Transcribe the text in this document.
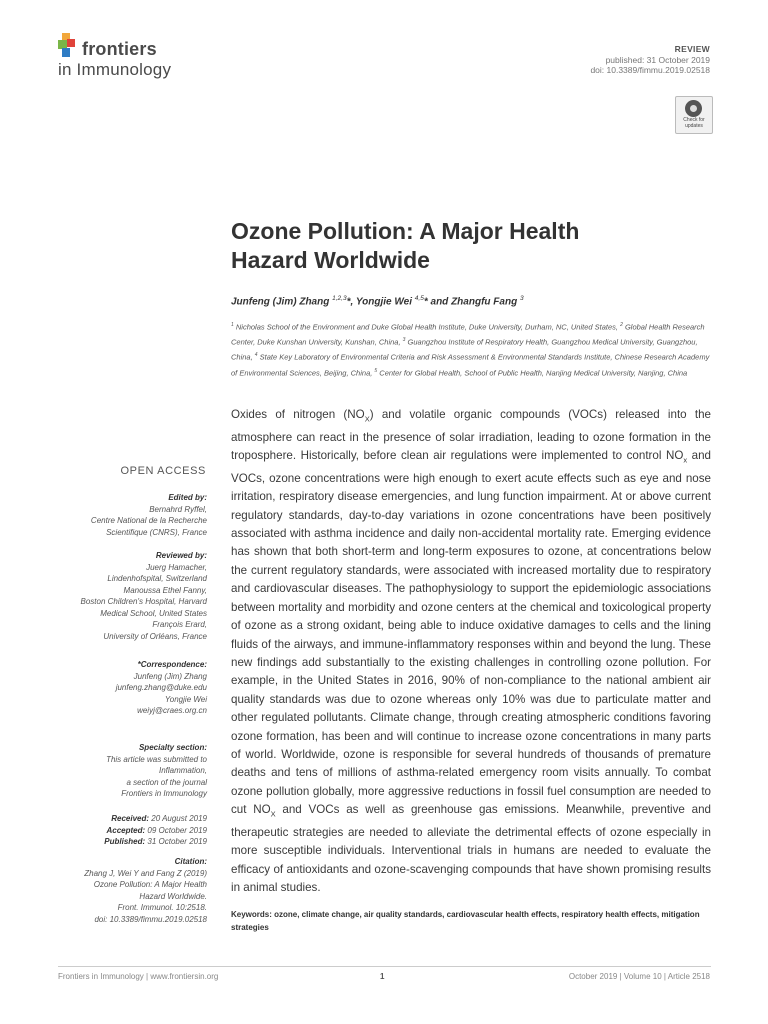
frontiers
in Immunology
REVIEW
published: 31 October 2019
doi: 10.3389/fimmu.2019.02518
Check for
updates
Ozone Pollution: A Major Health
Hazard Worldwide
Junfeng (Jim) Zhang $^{1,2,3}$*, Yongjie Wei $^{4,5}$* and Zhangfu Fang $^3$
$^1$ Nicholas School of the Environment and Duke Global Health Institute, Duke University, Durham, NC, United States, $^2$ Global Health Research Center, Duke Kunshan University, Kunshan, China, $^3$ Guangzhou Institute of Respiratory Health, Guangzhou Medical University, Guangzhou, China, $^4$ State Key Laboratory of Environmental Criteria and Risk Assessment & Environmental Standards Institute, Chinese Research Academy of Environmental Sciences, Beijing, China, $^5$ Center for Global Health, School of Public Health, Nanjing Medical University, Nanjing, China
OPEN ACCESS
Edited by:
Bernahrd Ryffel,
Centre National de la Recherche
Scientifique (CNRS), France
Reviewed by:
Juerg Hamacher,
Lindenhofspital, Switzerland
Manoussa Ethel Fanny,
Boston Children's Hospital, Harvard
Medical School, United States
François Erard,
University of Orléans, France
*Correspondence:
Junfeng (Jim) Zhang
junfeng.zhang@duke.edu
Yongjie Wei
weiyj@craes.org.cn
Specialty section:
This article was submitted to
Inflammation,
a section of the journal
Frontiers in Immunology
Received: 20 August 2019
Accepted: 09 October 2019
Published: 31 October 2019
Citation:
Zhang J, Wei Y and Fang Z (2019)
Ozone Pollution: A Major Health
Hazard Worldwide.
Front. Immunol. 10:2518.
doi: 10.3389/fimmu.2019.02518
Oxides of nitrogen $(NO_X)$ and volatile organic compounds (VOCs) released into the atmosphere can react in the presence of solar irradiation, leading to ozone formation in the troposphere. Historically, before clean air regulations were implemented to control $NO_x$ and VOCs, ozone concentrations were high enough to exert acute effects such as eye and nose irritation, respiratory disease emergencies, and lung function impairment. At or above current regulatory standards, day-to-day variations in ozone concentrations have been positively associated with asthma incidence and daily non-accidental mortality rate. Emerging evidence has shown that both short-term and long-term exposures to ozone, at concentrations below the current regulatory standards, were associated with increased mortality due to respiratory and cardiovascular diseases. The pathophysiology to support the epidemiologic associations between mortality and morbidity and ozone centers at the chemical and toxicological property of ozone as a strong oxidant, being able to induce oxidative damages to cells and the lining fluids of the airways, and immune-inflammatory responses within and beyond the lung. These new findings add substantially to the existing challenges in controlling ozone pollution. For example, in the United States in 2016, 90% of non-compliance to the national ambient air quality standards was due to ozone whereas only 10% was due to particulate matter and other regulated pollutants. Climate change, through creating atmospheric conditions favoring ozone formation, has been and will continue to increase ozone concentrations in many parts of world. Worldwide, ozone is responsible for several hundreds of thousands of premature deaths and tens of millions of asthma-related emergency room visits annually. To combat ozone pollution globally, more aggressive reductions in fossil fuel consumption are needed to cut $NO_X$ and VOCs as well as greenhouse gas emissions. Meanwhile, preventive and therapeutic strategies are needed to alleviate the detrimental effects of ozone especially in more susceptible individuals. Interventional trials in humans are needed to evaluate the efficacy of antioxidants and ozone-scavenging compounds that have shown promising results in animal studies.
Keywords: ozone, climate change, air quality standards, cardiovascular health effects, respiratory health effects, mitigation strategies
Frontiers in Immunology | www.frontiersin.org	1	October 2019 | Volume 10 | Article 2518
